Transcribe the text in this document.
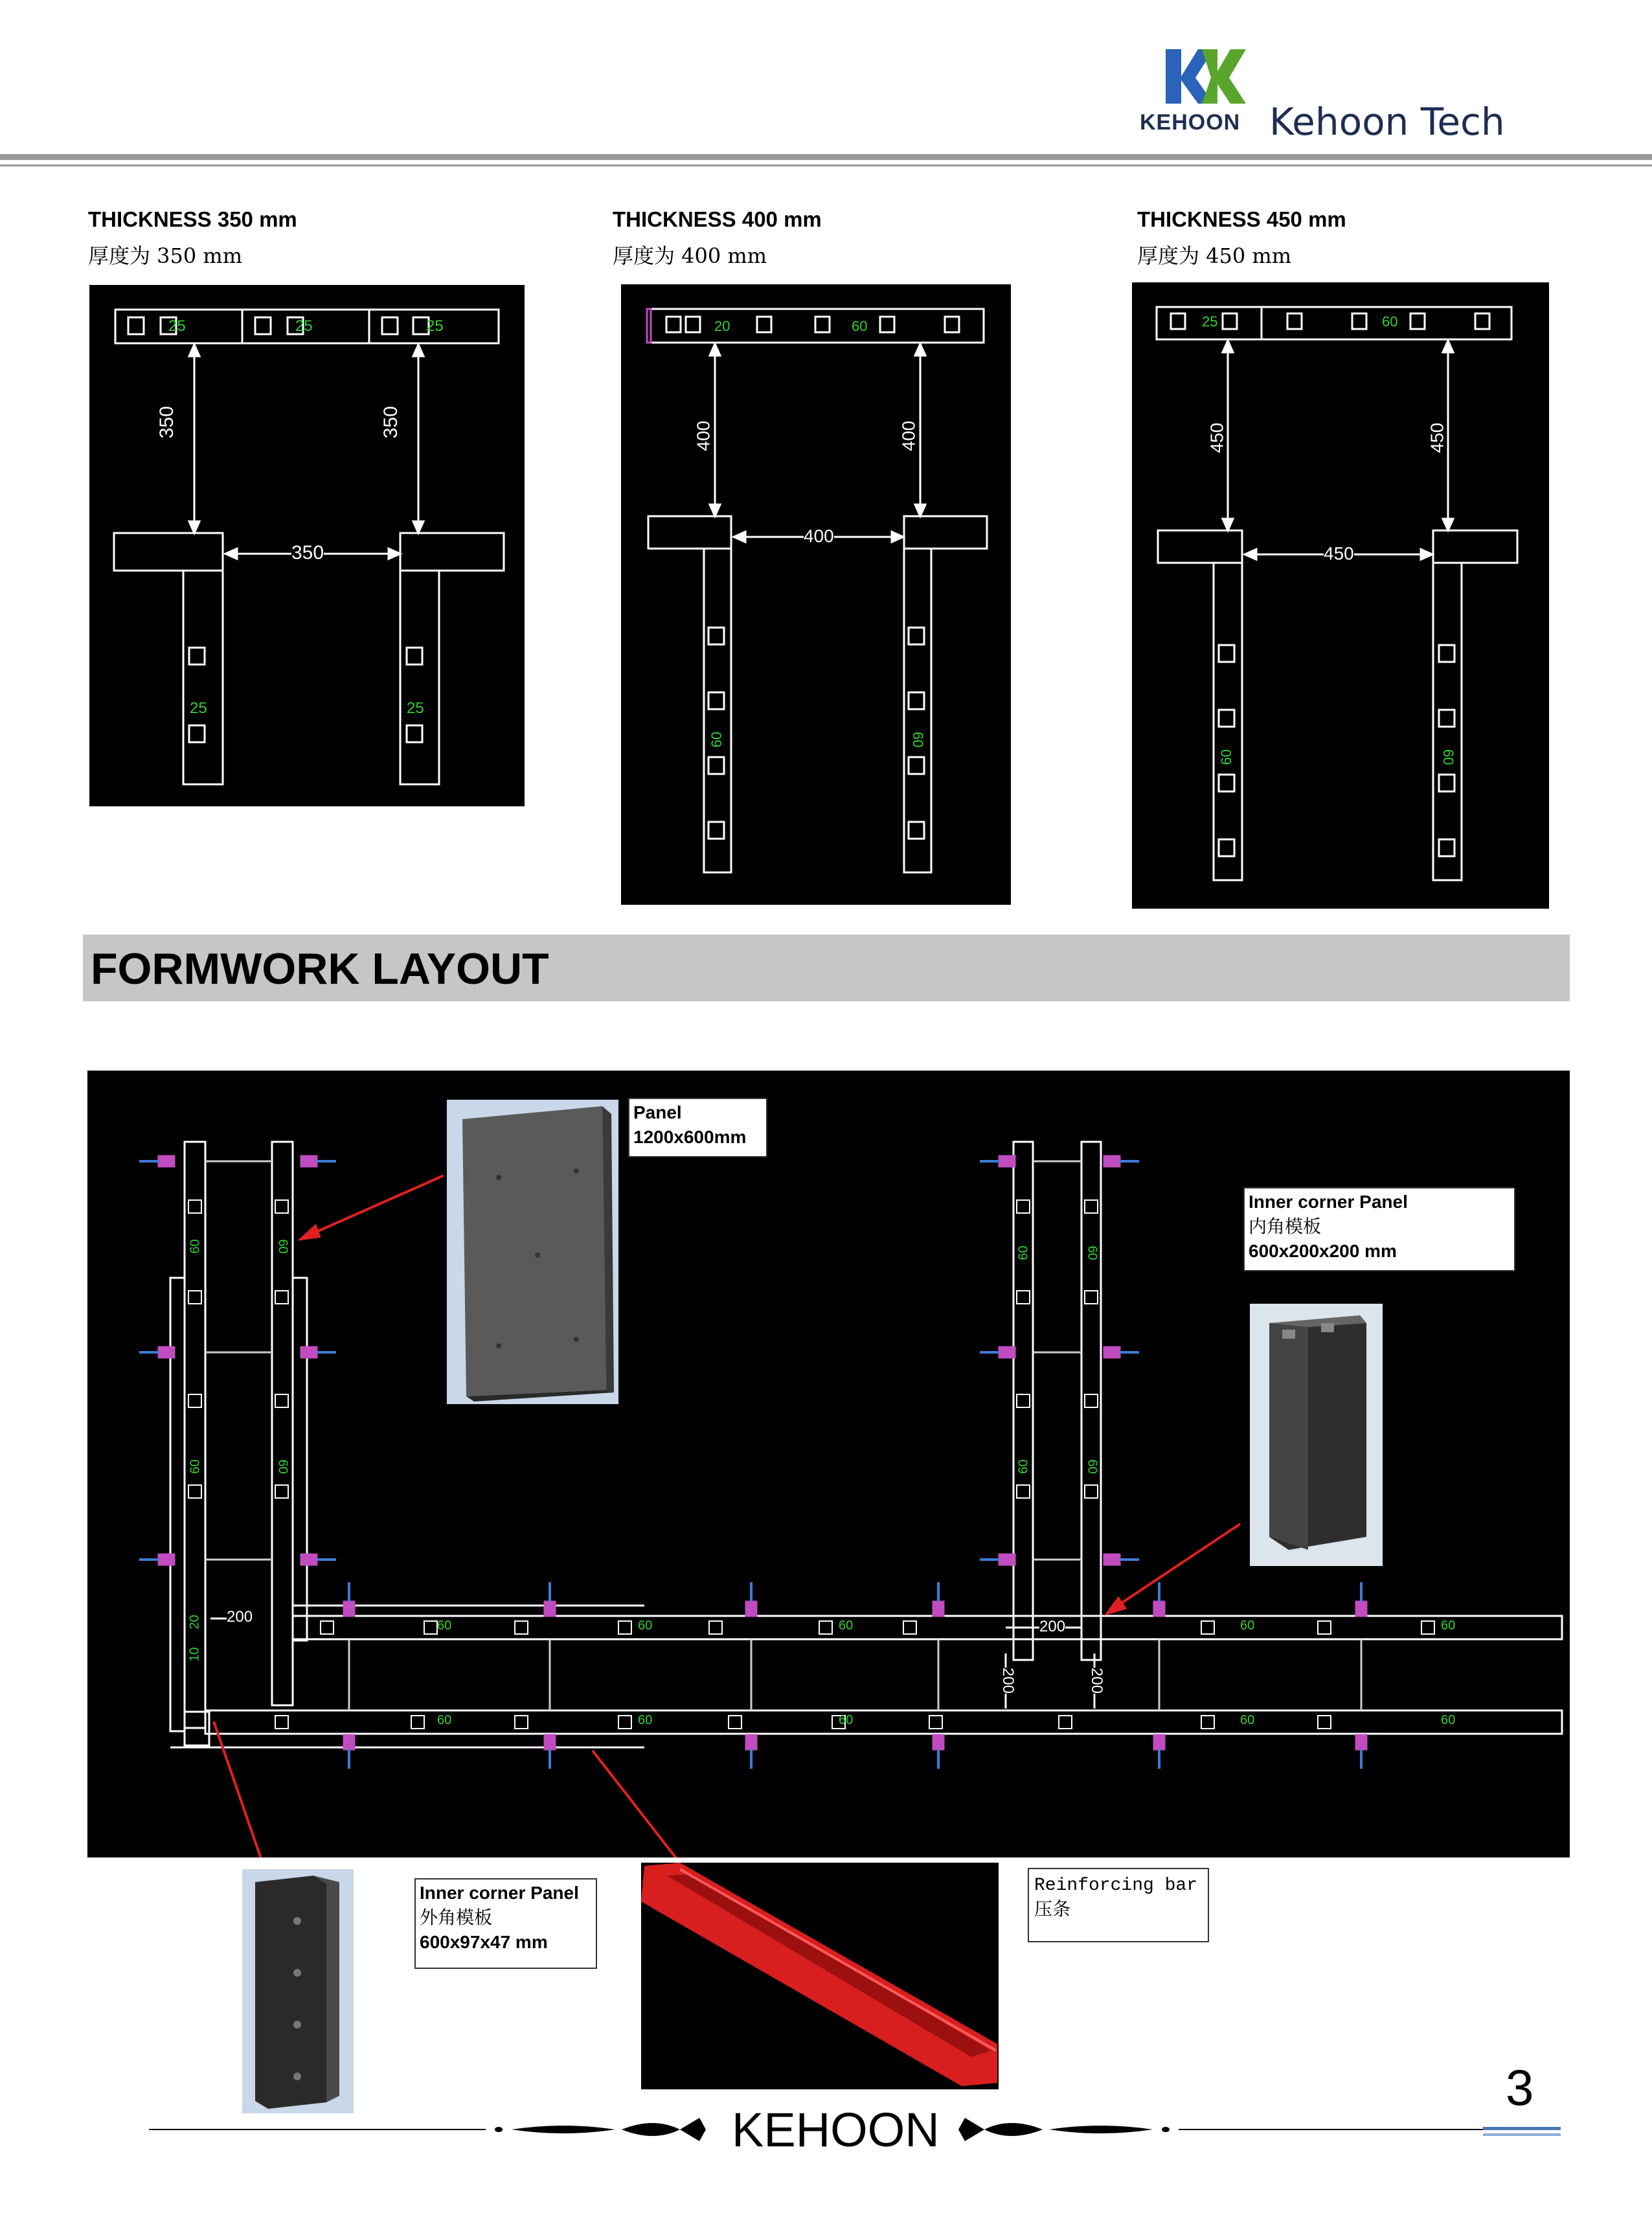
KEHOON Kehoon Tech
THICKNESS 350 mm
厚度为 350 mm
THICKNESS 400 mm
厚度为 400 mm
THICKNESS 450 mm
厚度为 450 mm
350	350
350
25	25	25
25	25
400	400
400
20	60
60	60
450	450
450
25	60
60	60
FORMWORK LAYOUT
Panel
1200x600mm
Inner corner Panel
内角模板
600x200x200 mm
200
200
200	200
60	60	60	60	60
60	60	60	60	60
60
60
60
60
60
60
60
60
10
20
Inner corner Panel
外角模板
600x97x47 mm
Reinforcing bar
压条
KEHOON
3
